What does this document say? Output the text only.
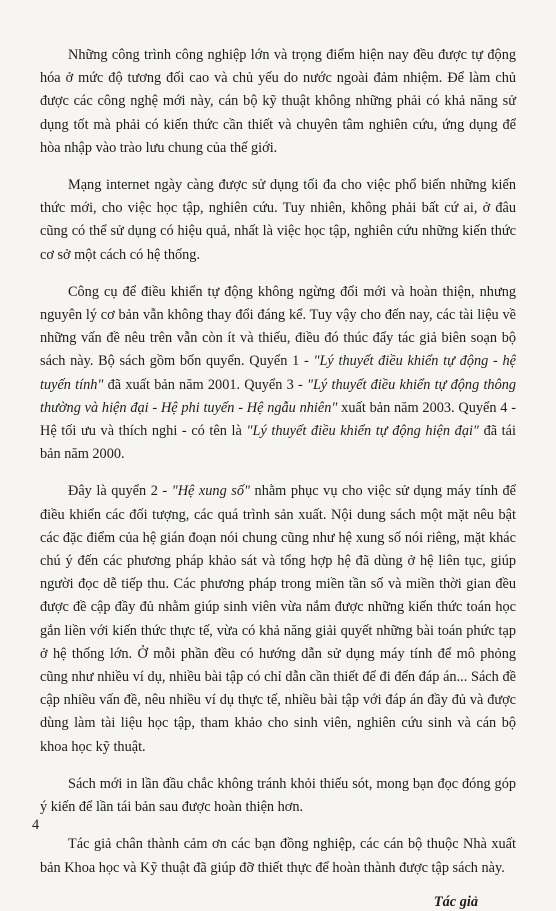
Những công trình công nghiệp lớn và trọng điểm hiện nay đều được tự động hóa ở mức độ tương đối cao và chủ yếu do nước ngoài đảm nhiệm. Để làm chủ được các công nghệ mới này, cán bộ kỹ thuật không những phải có khả năng sử dụng tốt mà phải có kiến thức cần thiết và chuyên tâm nghiên cứu, ứng dụng để hòa nhập vào trào lưu chung của thế giới.

Mạng internet ngày càng được sử dụng tối đa cho việc phổ biến những kiến thức mới, cho việc học tập, nghiên cứu. Tuy nhiên, không phải bất cứ ai, ở đâu cũng có thể sử dụng có hiệu quả, nhất là việc học tập, nghiên cứu những kiến thức cơ sở một cách có hệ thống.

Công cụ để điều khiển tự động không ngừng đổi mới và hoàn thiện, nhưng nguyên lý cơ bản vẫn không thay đổi đáng kể. Tuy vậy cho đến nay, các tài liệu về những vấn đề nêu trên vẫn còn ít và thiếu, điều đó thúc đẩy tác giả biên soạn bộ sách này. Bộ sách gồm bốn quyển. Quyển 1 - "Lý thuyết điều khiển tự động - hệ tuyến tính" đã xuất bản năm 2001. Quyển 3 - "Lý thuyết điều khiển tự động thông thường và hiện đại - Hệ phi tuyến - Hệ ngẫu nhiên" xuất bản năm 2003. Quyển 4 - Hệ tối ưu và thích nghi - có tên là "Lý thuyết điều khiển tự động hiện đại" đã tái bản năm 2000.

Đây là quyển 2 - "Hệ xung số" nhằm phục vụ cho việc sử dụng máy tính để điều khiển các đối tượng, các quá trình sản xuất. Nội dung sách một mặt nêu bật các đặc điểm của hệ gián đoạn nói chung cũng như hệ xung số nói riêng, mặt khác chú ý đến các phương pháp khảo sát và tổng hợp hệ đã dùng ở hệ liên tục, giúp người đọc dễ tiếp thu. Các phương pháp trong miền tần số và miền thời gian đều được đề cập đầy đủ nhằm giúp sinh viên vừa nắm được những kiến thức toán học gắn liền với kiến thức thực tế, vừa có khả năng giải quyết những bài toán phức tạp ở hệ thống lớn. Ở mỗi phần đều có hướng dẫn sử dụng máy tính để mô phỏng cũng như nhiều ví dụ, nhiều bài tập có chỉ dẫn cần thiết để đi đến đáp án... Sách đề cập nhiều vấn đề, nêu nhiều ví dụ thực tế, nhiều bài tập với đáp án đầy đủ và được dùng làm tài liệu học tập, tham khảo cho sinh viên, nghiên cứu sinh và cán bộ khoa học kỹ thuật.

Sách mới in lần đầu chắc không tránh khỏi thiếu sót, mong bạn đọc đóng góp ý kiến để lần tái bản sau được hoàn thiện hơn.

Tác giả chân thành cảm ơn các bạn đồng nghiệp, các cán bộ thuộc Nhà xuất bản Khoa học và Kỹ thuật đã giúp đỡ thiết thực để hoàn thành được tập sách này.

Tác giả
4
